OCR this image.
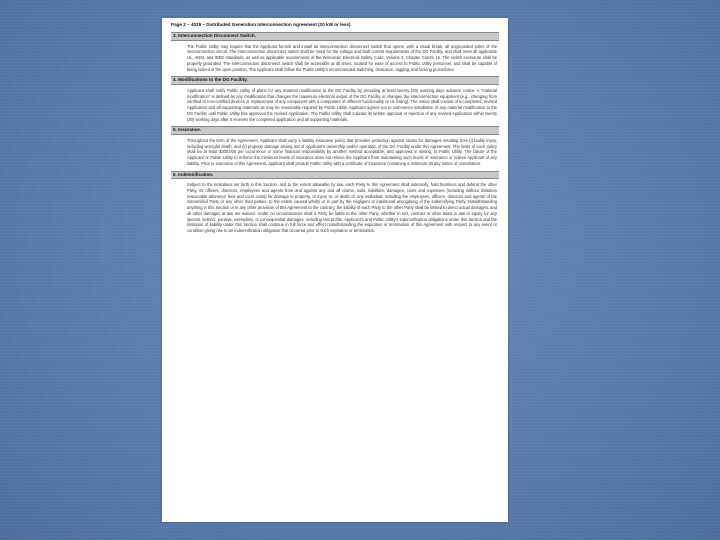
Page 2 – 4029 – Distributed Generation Interconnection Agreement (20 kW or less)
3. Interconnection Disconnect Switch.
The Public Utility may require that the Applicant furnish and install an interconnection disconnect switch that opens, with a visual break, all ungrounded poles of the interconnection circuit. The interconnection disconnect switch shall be rated for the voltage and fault current requirements of the DG Facility, and shall meet all applicable UL, ANSI, and IEEE standards, as well as applicable requirements of the Wisconsin Electrical Safety Code, Volume 2, Chapter Comm 16. The switch enclosure shall be properly grounded. The interconnection disconnect switch shall be accessible at all times, located for ease of access to Public Utility personnel, and shall be capable of being locked in the open position. The Applicant shall follow the Public Utility's recommended switching, clearance, tagging, and locking procedures.
4. Modifications to the DG Facility.
Applicant shall notify Public Utility of plans for any material modification to the DG Facility by providing at least twenty (20) working days advance notice. A "material modification" is defined as any modification that changes the maximum electrical output of the DG Facility or changes the interconnection equipment (e.g., changing from certified to non-certified devices or replacement of any component with a component of different functionality or UL listing). The notice shall consist of a completed, revised Application and all supporting materials as may be reasonably required by Public Utility. Applicant agrees not to commence installation of any material modification to the DG Facility until Public Utility has approved the revised Application. The Public Utility shall indicate its written approval or rejection of any revised Application within twenty (20) working days after it receives the completed application and all supporting materials.
5. Insurance.
Throughout the term of the Agreement, Applicant shall carry a liability insurance policy that provides protection against claims for damages resulting from (i) bodily injury, including wrongful death; and (ii) property damage arising out of Applicant's ownership and/or operation of the DG Facility under this Agreement. The limits of such policy shall be at least $300,000 per occurrence or some financial responsibility by another method acceptable, and approved in writing, to Public Utility. The failure of the Applicant or Public Utility to enforce the minimum levels of insurance does not relieve the Applicant from maintaining such levels of insurance or relieve Applicant of any liability. Prior to execution of this Agreement, applicant shall provide Public Utility with a certificate of insurance containing a minimum 30 day notice of cancellation.
6. Indemnification.
Subject to the limitations set forth in this Section, and to the extent allowable by law, each Party to this Agreement shall indemnify, hold harmless and defend the other Party, its officers, directors, employees and agents from and against any and all claims, suits, liabilities, damages, costs and expenses (including without limitation reasonable attorneys' fees and court costs) for damage to property, or injury to, or death of, any individual, including the employees, officers, directors and agents of the indemnified Party or any other third parties, to the extent caused wholly or in part by the negligent or intentional wrongdoing of the indemnifying Party. Notwithstanding anything in this Section or in any other provision of this Agreement to the contrary, the liability of each Party to the other Party shall be limited to direct actual damages, and all other damages at law are waived. Under no circumstances shall a Party be liable to the other Party, whether in tort, contract or other basis in law or equity for any special, indirect, punitive, exemplary, or consequential damages, including lost profits. Applicant's and Public Utility's indemnification obligations under this Section and the limitation of liability under this Section shall continue in full force and effect notwithstanding the expiration or termination of this Agreement with respect to any event or condition giving rise to an indemnification obligation that occurred prior to such expiration or termination.
